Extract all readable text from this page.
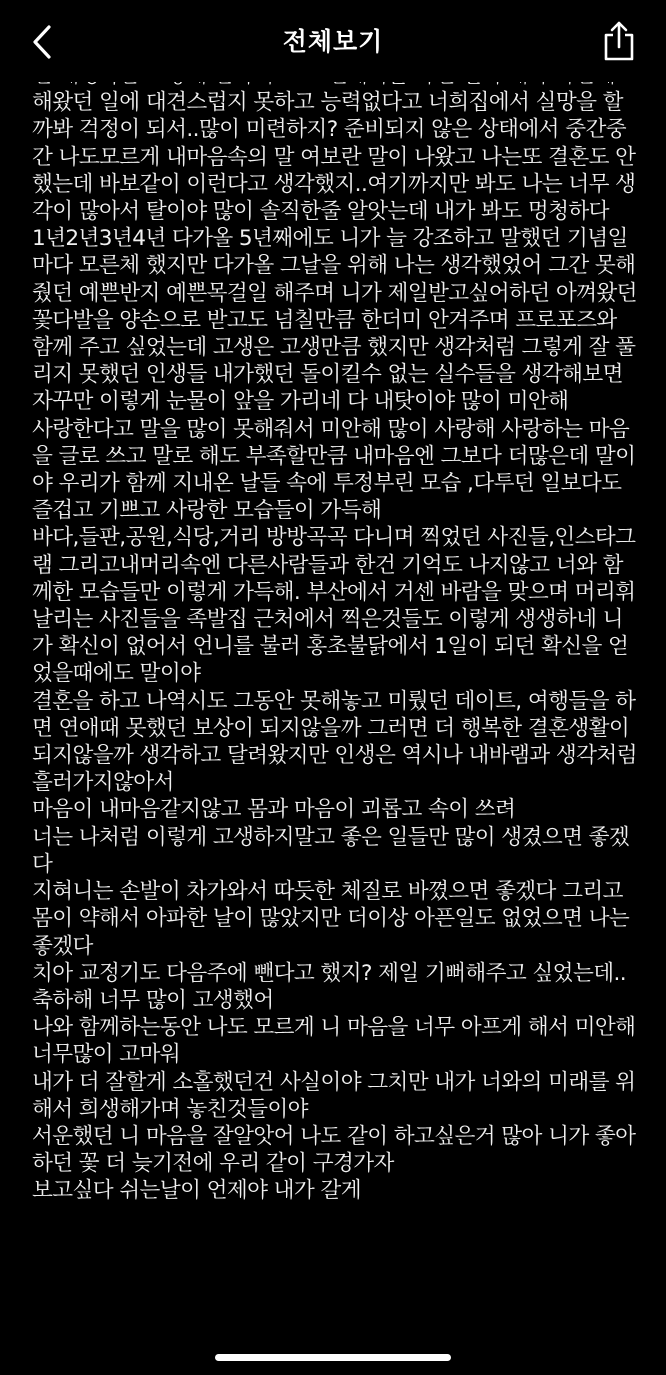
전체보기
해왔던 일에 대견스럽지 못하고 능력없다고 너희집에서 실망을 할까봐 걱정이 되서..많이 미련하지? 준비되지 않은 상태에서 중간중간 나도모르게 내마음속의 말 여보란 말이 나왔고 나는또 결혼도 안했는데 바보같이 이런다고 생각했지..여기까지만 봐도 나는 너무 생각이 많아서 탈이야 많이 솔직한줄 알앗는데 내가 봐도 멍청하다
1년2년3년4년 다가올 5년째에도 니가 늘 강조하고 말했던 기념일마다 모른체 했지만 다가올 그날을 위해 나는 생각했었어 그간 못해줬던 예쁜반지 예쁜목걸일 해주며 니가 제일받고싶어하던 아껴왔던 꽃다발을 양손으로 받고도 넘칠만큼 한더미 안겨주며 프로포즈와 함께 주고 싶었는데 고생은 고생만큼 했지만 생각처럼 그렇게 잘 풀리지 못했던 인생들 내가했던 돌이킬수 없는 실수들을 생각해보면 자꾸만 이렇게 눈물이 앞을 가리네 다 내탓이야 많이 미안해
사랑한다고 말을 많이 못해줘서 미안해 많이 사랑해 사랑하는 마음을 글로 쓰고 말로 해도 부족할만큼 내마음엔 그보다 더많은데 말이야 우리가 함께 지내온 날들 속에 투정부린 모습 ,다투던 일보다도 즐겁고 기쁘고 사랑한 모습들이 가득해
바다,들판,공원,식당,거리 방방곡곡 다니며 찍었던 사진들,인스타그램 그리고내머리속엔 다른사람들과 한건 기억도 나지않고 너와 함께한 모습들만 이렇게 가득해. 부산에서 거센 바람을 맞으며 머리휘날리는 사진들을 족발집 근처에서 찍은것들도 이렇게 생생하네 니가 확신이 없어서 언니를 불러 홍초불닭에서 1일이 되던 확신을 얻었을때에도 말이야
결혼을 하고 나역시도 그동안 못해놓고 미뤘던 데이트, 여행들을 하면 연애때 못했던 보상이 되지않을까 그러면 더 행복한 결혼생활이 되지않을까 생각하고 달려왔지만 인생은 역시나 내바램과 생각처럼 흘러가지않아서
마음이 내마음같지않고 몸과 마음이 괴롭고 속이 쓰려
너는 나처럼 이렇게 고생하지말고 좋은 일들만 많이 생겼으면 좋겠다
지혀니는 손발이 차가와서 따듯한 체질로 바꼈으면 좋겠다 그리고 몸이 약해서 아파한 날이 많았지만 더이상 아픈일도 없었으면 나는 좋겠다
치아 교정기도 다음주에 뺀다고 했지? 제일 기뻐해주고 싶었는데..축하해 너무 많이 고생했어
나와 함께하는동안 나도 모르게 니 마음을 너무 아프게 해서 미안해 너무많이 고마워
내가 더 잘할게 소홀했던건 사실이야 그치만 내가 너와의 미래를 위해서 희생해가며 놓친것들이야
서운했던 니 마음을 잘알앗어 나도 같이 하고싶은거 많아 니가 좋아하던 꽃 더 늦기전에 우리 같이 구경가자
보고싶다 쉬는날이 언제야 내가 갈게
